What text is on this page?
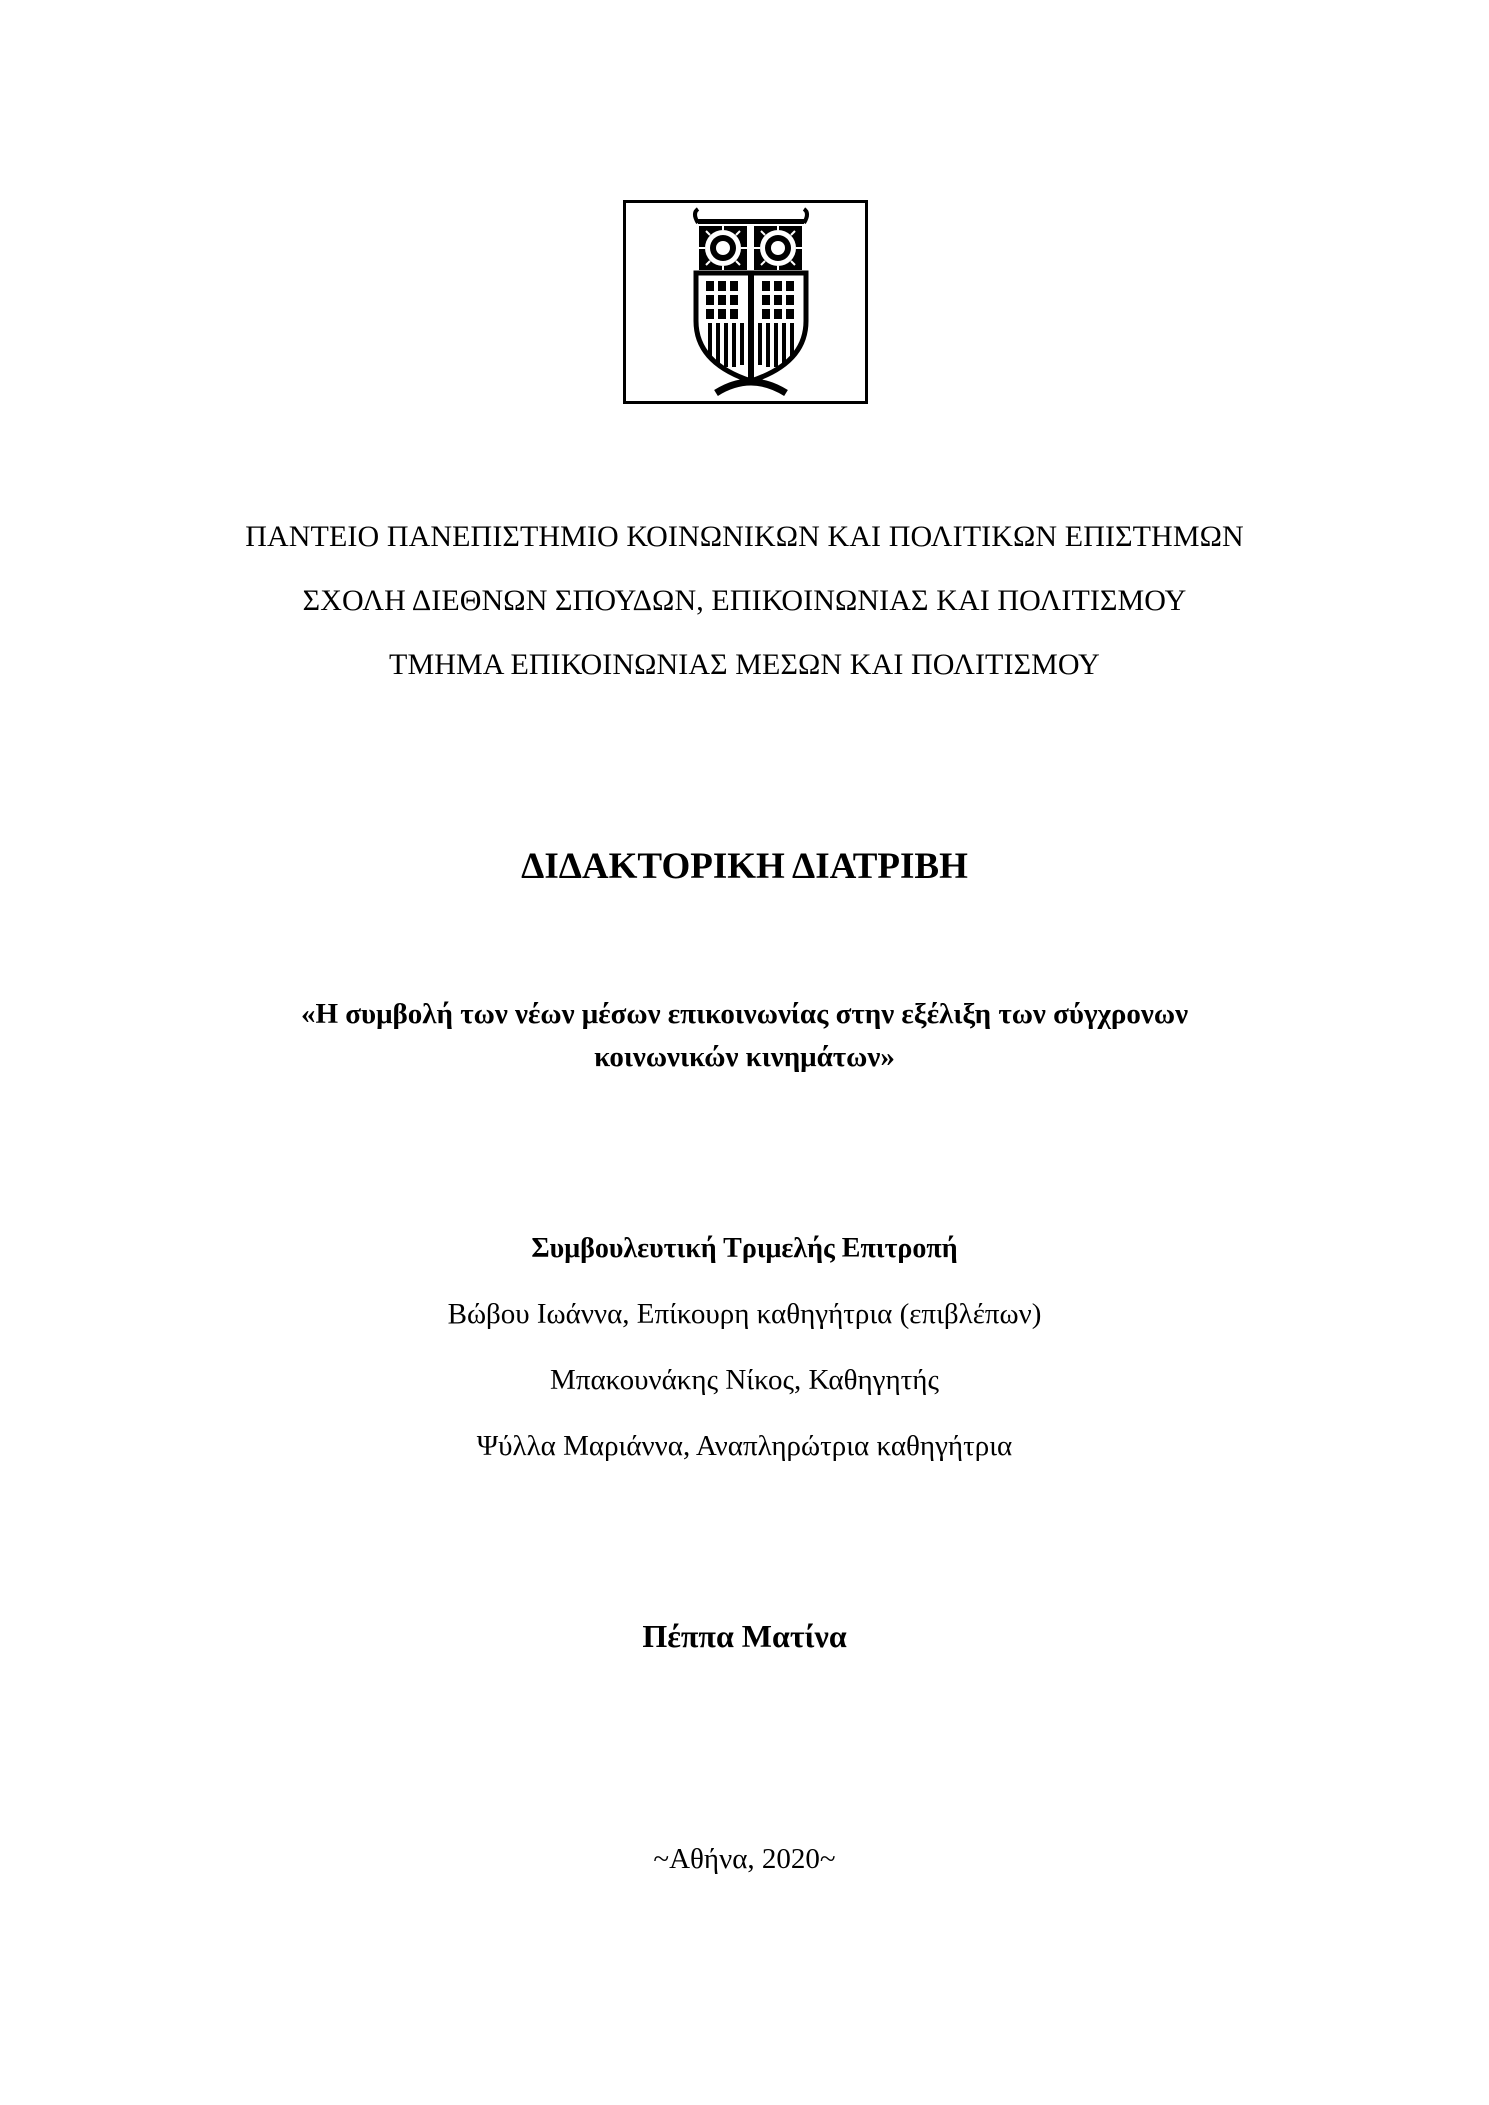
ΠΑΝΤΕΙΟ ΠΑΝΕΠΙΣΤΗΜΙΟ ΚΟΙΝΩΝΙΚΩΝ ΚΑΙ ΠΟΛΙΤΙΚΩΝ ΕΠΙΣΤΗΜΩΝ
ΣΧΟΛΗ ΔΙΕΘΝΩΝ ΣΠΟΥΔΩΝ, ΕΠΙΚΟΙΝΩΝΙΑΣ ΚΑΙ ΠΟΛΙΤΙΣΜΟΥ
ΤΜΗΜΑ ΕΠΙΚΟΙΝΩΝΙΑΣ ΜΕΣΩΝ ΚΑΙ ΠΟΛΙΤΙΣΜΟΥ
ΔΙΔΑΚΤΟΡΙΚΗ ΔΙΑΤΡΙΒΗ
«Η συμβολή των νέων μέσων επικοινωνίας στην εξέλιξη των σύγχρονων
κοινωνικών κινημάτων»
Συμβουλευτική Τριμελής Επιτροπή
Βώβου Ιωάννα, Επίκουρη καθηγήτρια (επιβλέπων)
Μπακουνάκης Νίκος, Καθηγητής
Ψύλλα Μαριάννα, Αναπληρώτρια καθηγήτρια
Πέππα Ματίνα
~Αθήνα, 2020~
